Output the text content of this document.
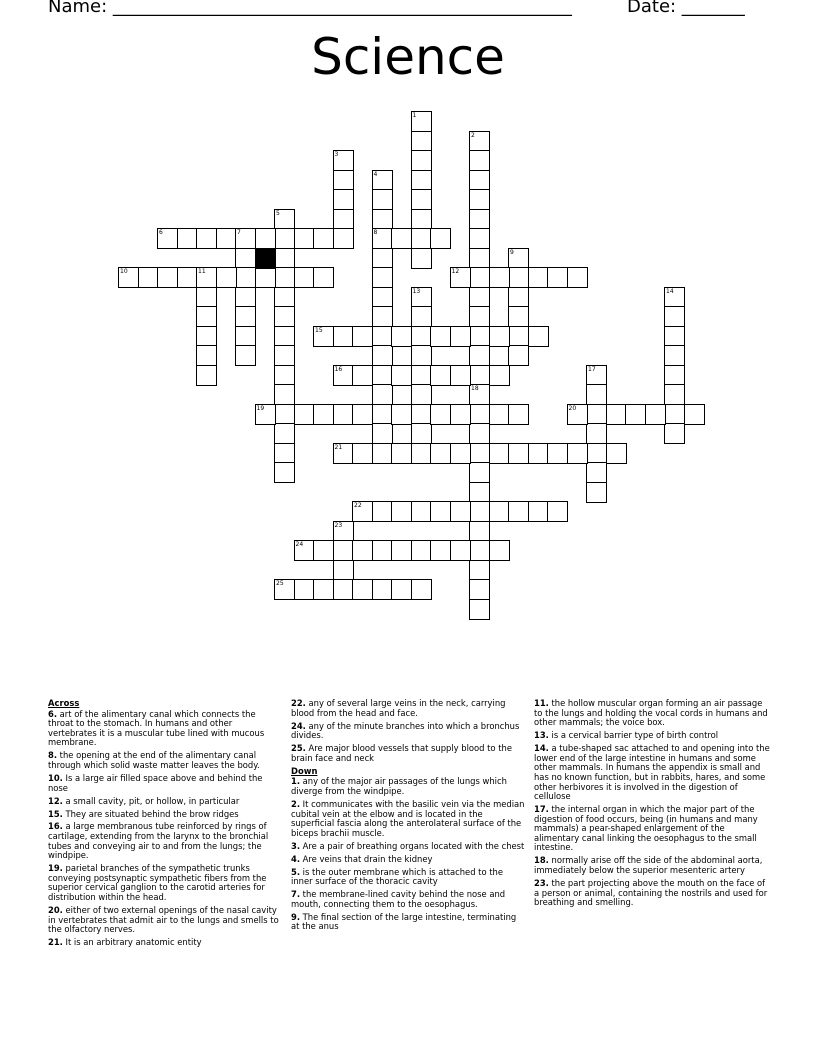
Name: ___________________________________________________	Date: _______
Science
1
2
18
3
4
8
5
6	7
9
10	11	12
13	14
15
16	17
19	20
21
22
23
24
25
Across
6. art of the alimentary canal which connects the throat to the stomach. In humans and other vertebrates it is a muscular tube lined with mucous membrane.
8. the opening at the end of the alimentary canal through which solid waste matter leaves the body.
10. Is a large air filled space above and behind the nose
12. a small cavity, pit, or hollow, in particular
15. They are situated behind the brow ridges
16. a large membranous tube reinforced by rings of cartilage, extending from the larynx to the bronchial tubes and conveying air to and from the lungs; the windpipe.
19. parietal branches of the sympathetic trunks conveying postsynaptic sympathetic fibers from the superior cervical ganglion to the carotid arteries for distribution within the head.
20. either of two external openings of the nasal cavity in vertebrates that admit air to the lungs and smells to the olfactory nerves.
21. It is an arbitrary anatomic entity
22. any of several large veins in the neck, carrying blood from the head and face.
24. any of the minute branches into which a bronchus divides.
25. Are major blood vessels that supply blood to the brain face and neck
Down
1. any of the major air passages of the lungs which diverge from the windpipe.
2. It communicates with the basilic vein via the median cubital vein at the elbow and is located in the superficial fascia along the anterolateral surface of the biceps brachii muscle.
3. Are a pair of breathing organs located with the chest
4. Are veins that drain the kidney
5. is the outer membrane which is attached to the inner surface of the thoracic cavity
7. the membrane-lined cavity behind the nose and mouth, connecting them to the oesophagus.
9. The final section of the large intestine, terminating at the anus
11. the hollow muscular organ forming an air passage to the lungs and holding the vocal cords in humans and other mammals; the voice box.
13. is a cervical barrier type of birth control
14. a tube-shaped sac attached to and opening into the lower end of the large intestine in humans and some other mammals. In humans the appendix is small and has no known function, but in rabbits, hares, and some other herbivores it is involved in the digestion of cellulose
17. the internal organ in which the major part of the digestion of food occurs, being (in humans and many mammals) a pear-shaped enlargement of the alimentary canal linking the oesophagus to the small intestine.
18. normally arise off the side of the abdominal aorta, immediately below the superior mesenteric artery
23. the part projecting above the mouth on the face of a person or animal, containing the nostrils and used for breathing and smelling.
